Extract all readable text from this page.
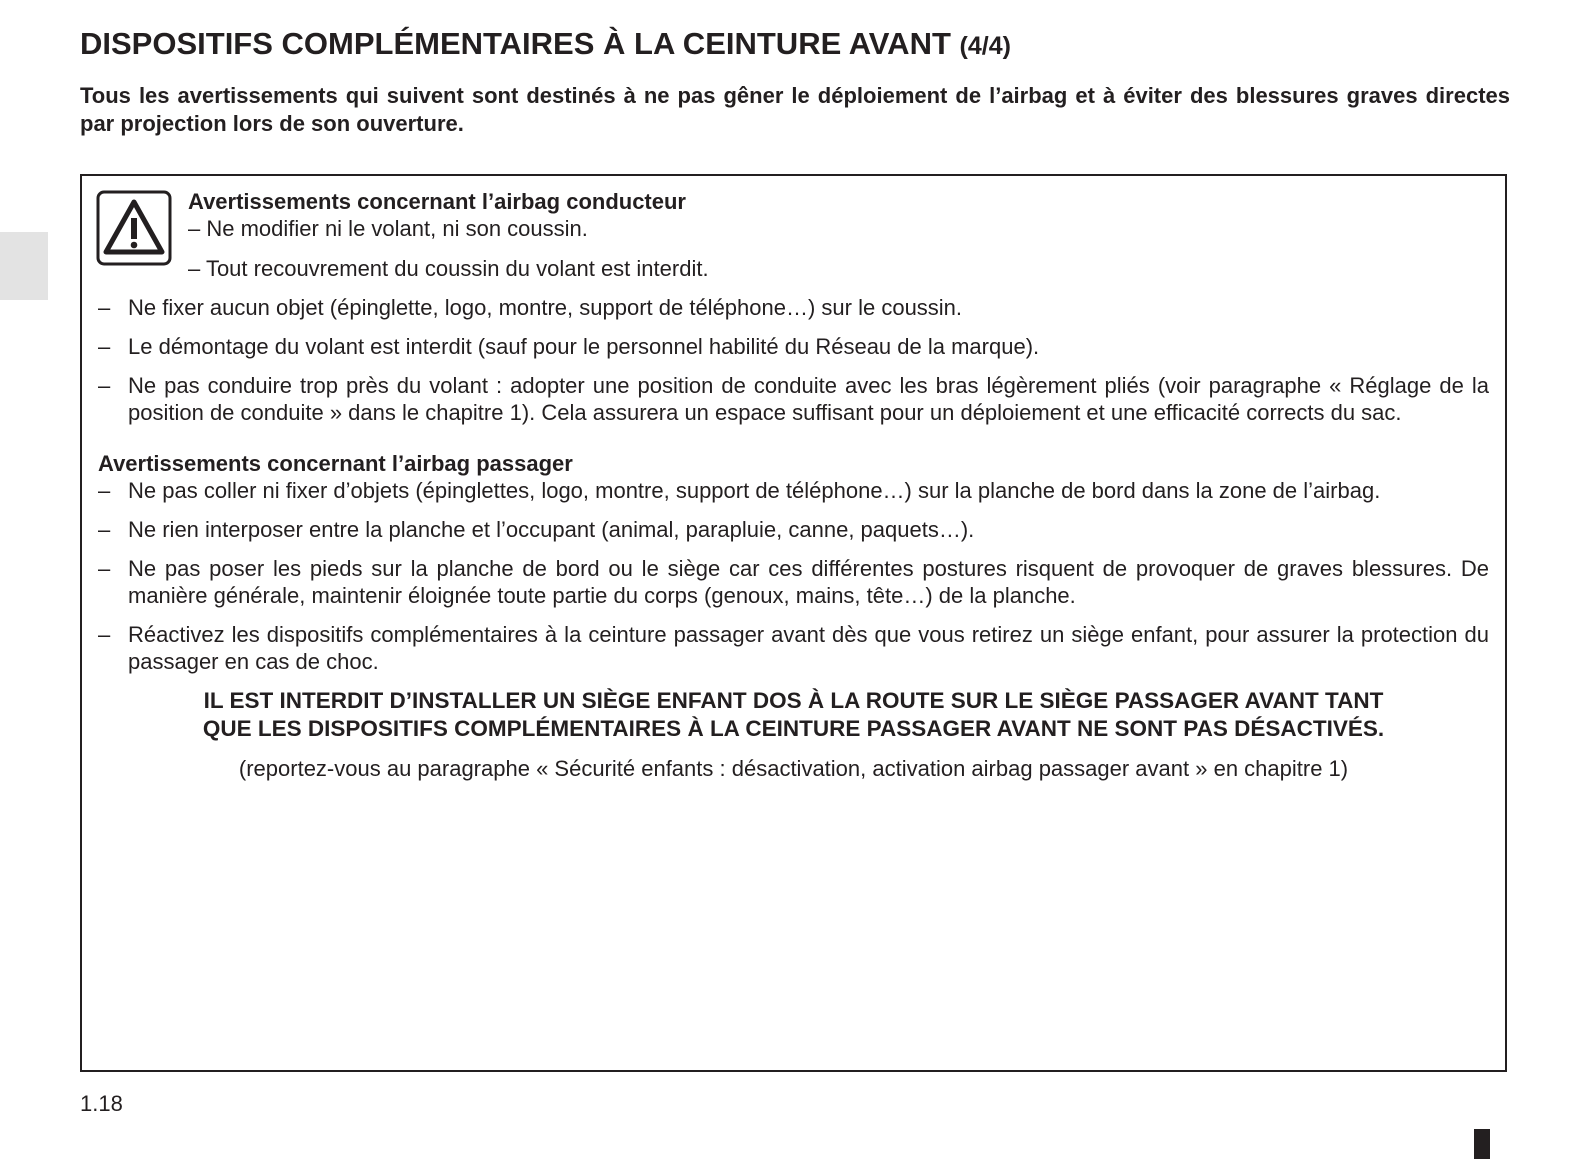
DISPOSITIFS COMPLÉMENTAIRES À LA CEINTURE AVANT (4/4)

Tous les avertissements qui suivent sont destinés à ne pas gêner le déploiement de l’airbag et à éviter des blessures graves directes par projection lors de son ouverture.

Avertissements concernant l’airbag conducteur

– Ne modifier ni le volant, ni son coussin.

– Tout recouvrement du coussin du volant est interdit.

– Ne fixer aucun objet (épinglette, logo, montre, support de téléphone…) sur le coussin.
– Le démontage du volant est interdit (sauf pour le personnel habilité du Réseau de la marque).
– Ne pas conduire trop près du volant : adopter une position de conduite avec les bras légèrement pliés (voir paragraphe « Réglage de la position de conduite » dans le chapitre 1). Cela assurera un espace suffisant pour un déploiement et une efficacité corrects du sac.

Avertissements concernant l’airbag passager

– Ne pas coller ni fixer d’objets (épinglettes, logo, montre, support de téléphone…) sur la planche de bord dans la zone de l’airbag.
– Ne rien interposer entre la planche et l’occupant (animal, parapluie, canne, paquets…).
– Ne pas poser les pieds sur la planche de bord ou le siège car ces différentes postures risquent de provoquer de graves blessures. De manière générale, maintenir éloignée toute partie du corps (genoux, mains, tête…) de la planche.
– Réactivez les dispositifs complémentaires à la ceinture passager avant dès que vous retirez un siège enfant, pour assurer la protection du passager en cas de choc.

IL EST INTERDIT D’INSTALLER UN SIÈGE ENFANT DOS À LA ROUTE SUR LE SIÈGE PASSAGER AVANT TANT
QUE LES DISPOSITIFS COMPLÉMENTAIRES À LA CEINTURE PASSAGER AVANT NE SONT PAS DÉSACTIVÉS.

(reportez-vous au paragraphe « Sécurité enfants : désactivation, activation airbag passager avant » en chapitre 1)

1.18
